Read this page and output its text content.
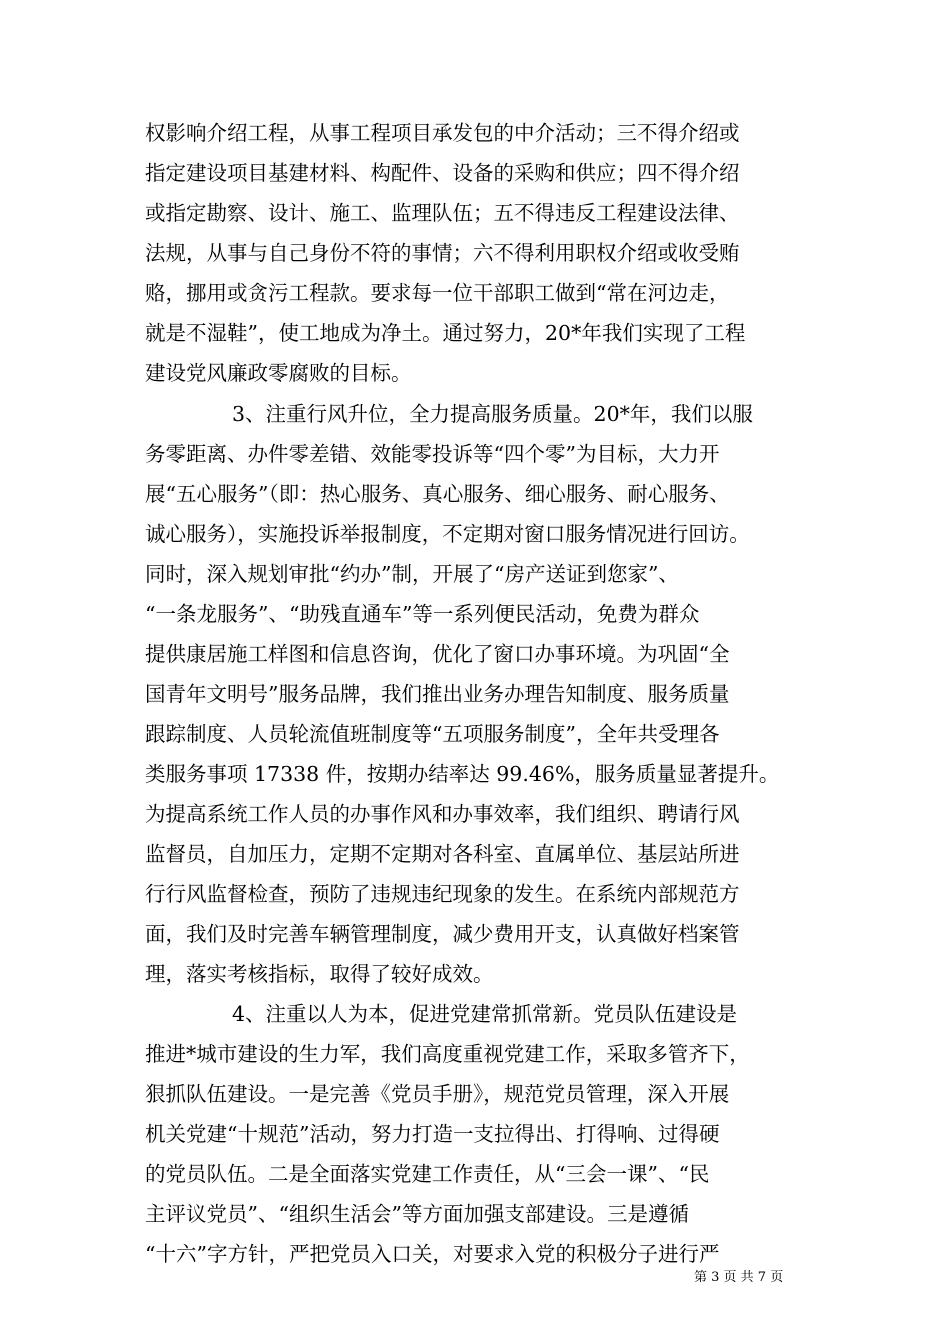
权影响介绍工程，从事工程项目承发包的中介活动；三不得介绍或
指定建设项目基建材料、构配件、设备的采购和供应；四不得介绍
或指定勘察、设计、施工、监理队伍；五不得违反工程建设法律、
法规，从事与自己身份不符的事情；六不得利用职权介绍或收受贿
赂，挪用或贪污工程款。要求每一位干部职工做到“常在河边走，
就是不湿鞋”，使工地成为净土。通过努力，20*年我们实现了工程
建设党风廉政零腐败的目标。
3、注重行风升位，全力提高服务质量。20*年，我们以服
务零距离、办件零差错、效能零投诉等“四个零”为目标，大力开
展“五心服务”（即：热心服务、真心服务、细心服务、耐心服务、
诚心服务），实施投诉举报制度，不定期对窗口服务情况进行回访。
同时，深入规划审批“约办”制，开展了“房产送证到您家”、
“一条龙服务”、“助残直通车”等一系列便民活动，免费为群众
提供康居施工样图和信息咨询，优化了窗口办事环境。为巩固“全
国青年文明号”服务品牌，我们推出业务办理告知制度、服务质量
跟踪制度、人员轮流值班制度等“五项服务制度”，全年共受理各
类服务事项 17338 件，按期办结率达 99.46%，服务质量显著提升。
为提高系统工作人员的办事作风和办事效率，我们组织、聘请行风
监督员，自加压力，定期不定期对各科室、直属单位、基层站所进
行行风监督检查，预防了违规违纪现象的发生。在系统内部规范方
面，我们及时完善车辆管理制度，减少费用开支，认真做好档案管
理，落实考核指标，取得了较好成效。
4、注重以人为本，促进党建常抓常新。党员队伍建设是
推进*城市建设的生力军，我们高度重视党建工作，采取多管齐下，
狠抓队伍建设。一是完善《党员手册》，规范党员管理，深入开展
机关党建“十规范”活动，努力打造一支拉得出、打得响、过得硬
的党员队伍。二是全面落实党建工作责任，从“三会一课”、“民
主评议党员”、“组织生活会”等方面加强支部建设。三是遵循
“十六”字方针，严把党员入口关，对要求入党的积极分子进行严
第 3 页 共 7 页
